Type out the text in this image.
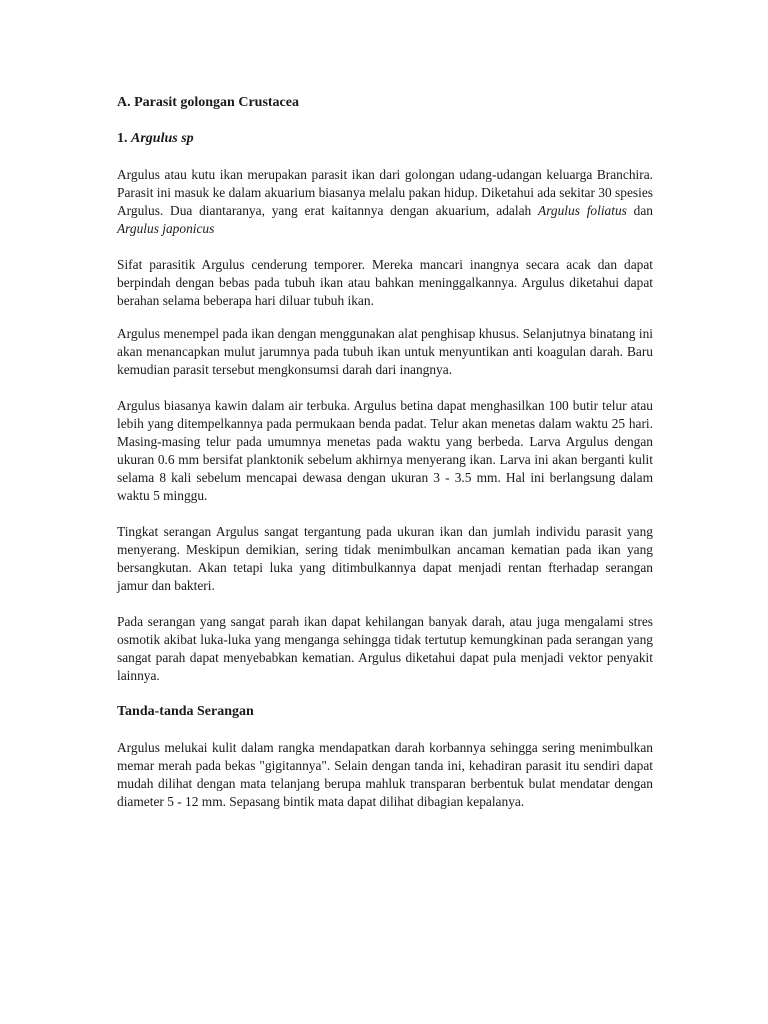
A. Parasit golongan Crustacea
1. Argulus sp

Argulus atau kutu ikan merupakan parasit ikan dari golongan udang-udangan keluarga Branchira. Parasit ini masuk ke dalam akuarium biasanya melalu pakan hidup. Diketahui ada sekitar 30 spesies Argulus. Dua diantaranya, yang erat kaitannya dengan akuarium, adalah Argulus foliatus dan Argulus japonicus

Sifat parasitik Argulus cenderung temporer. Mereka mancari inangnya secara acak dan dapat berpindah dengan bebas pada tubuh ikan atau bahkan meninggalkannya. Argulus diketahui dapat berahan selama beberapa hari diluar tubuh ikan.

Argulus menempel pada ikan dengan menggunakan alat penghisap khusus. Selanjutnya binatang ini akan menancapkan mulut jarumnya pada tubuh ikan untuk menyuntikan anti koagulan darah. Baru kemudian parasit tersebut mengkonsumsi darah dari inangnya.

Argulus biasanya kawin dalam air terbuka. Argulus betina dapat menghasilkan 100 butir telur atau lebih yang ditempelkannya pada permukaan benda padat. Telur akan menetas dalam waktu 25 hari. Masing-masing telur pada umumnya menetas pada waktu yang berbeda. Larva Argulus dengan ukuran 0.6 mm bersifat planktonik sebelum akhirnya menyerang ikan. Larva ini akan berganti kulit selama 8 kali sebelum mencapai dewasa dengan ukuran 3 - 3.5 mm. Hal ini berlangsung dalam waktu 5 minggu.

Tingkat serangan Argulus sangat tergantung pada ukuran ikan dan jumlah individu parasit yang menyerang. Meskipun demikian, sering tidak menimbulkan ancaman kematian pada ikan yang bersangkutan. Akan tetapi luka yang ditimbulkannya dapat menjadi rentan fterhadap serangan jamur dan bakteri.

Pada serangan yang sangat parah ikan dapat kehilangan banyak darah, atau juga mengalami stres osmotik akibat luka-luka yang menganga sehingga tidak tertutup kemungkinan pada serangan yang sangat parah dapat menyebabkan kematian. Argulus diketahui dapat pula menjadi vektor penyakit lainnya.

Tanda-tanda Serangan

Argulus melukai kulit dalam rangka mendapatkan darah korbannya sehingga sering menimbulkan memar merah pada bekas "gigitannya". Selain dengan tanda ini, kehadiran parasit itu sendiri dapat mudah dilihat dengan mata telanjang berupa mahluk transparan berbentuk bulat mendatar dengan diameter 5 - 12 mm. Sepasang bintik mata dapat dilihat dibagian kepalanya.
